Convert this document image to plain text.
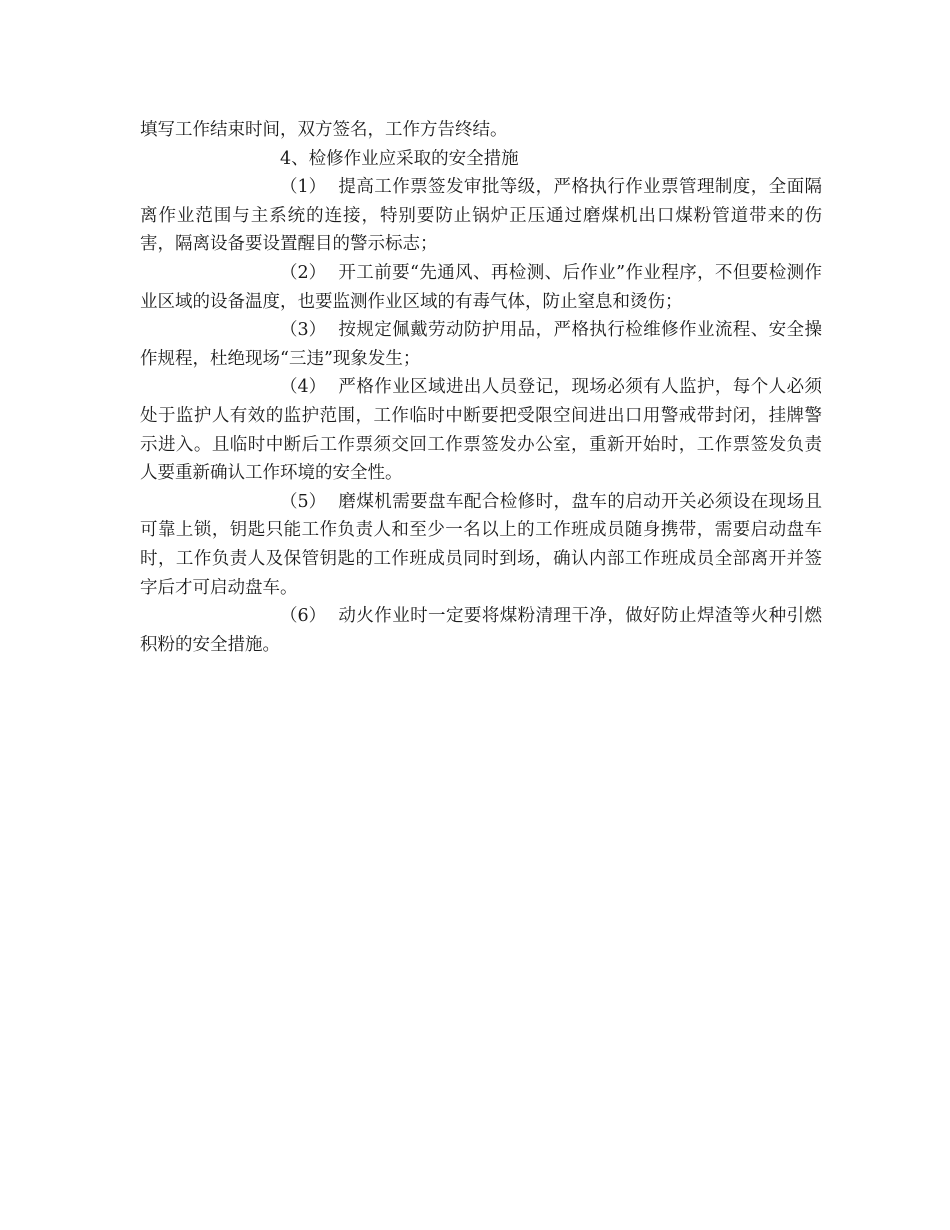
填写工作结束时间，双方签名，工作方告终结。

4、检修作业应采取的安全措施

（1） 提高工作票签发审批等级，严格执行作业票管理制度，全面隔离作业范围与主系统的连接，特别要防止锅炉正压通过磨煤机出口煤粉管道带来的伤害，隔离设备要设置醒目的警示标志；

（2） 开工前要“先通风、再检测、后作业”作业程序，不但要检测作业区域的设备温度，也要监测作业区域的有毒气体，防止窒息和烫伤；

（3） 按规定佩戴劳动防护用品，严格执行检维修作业流程、安全操作规程，杜绝现场“三违”现象发生；

（4） 严格作业区域进出人员登记，现场必须有人监护，每个人必须处于监护人有效的监护范围，工作临时中断要把受限空间进出口用警戒带封闭，挂牌警示进入。且临时中断后工作票须交回工作票签发办公室，重新开始时，工作票签发负责人要重新确认工作环境的安全性。

（5） 磨煤机需要盘车配合检修时，盘车的启动开关必须设在现场且可靠上锁，钥匙只能工作负责人和至少一名以上的工作班成员随身携带，需要启动盘车时，工作负责人及保管钥匙的工作班成员同时到场，确认内部工作班成员全部离开并签字后才可启动盘车。

（6） 动火作业时一定要将煤粉清理干净，做好防止焊渣等火种引燃积粉的安全措施。
